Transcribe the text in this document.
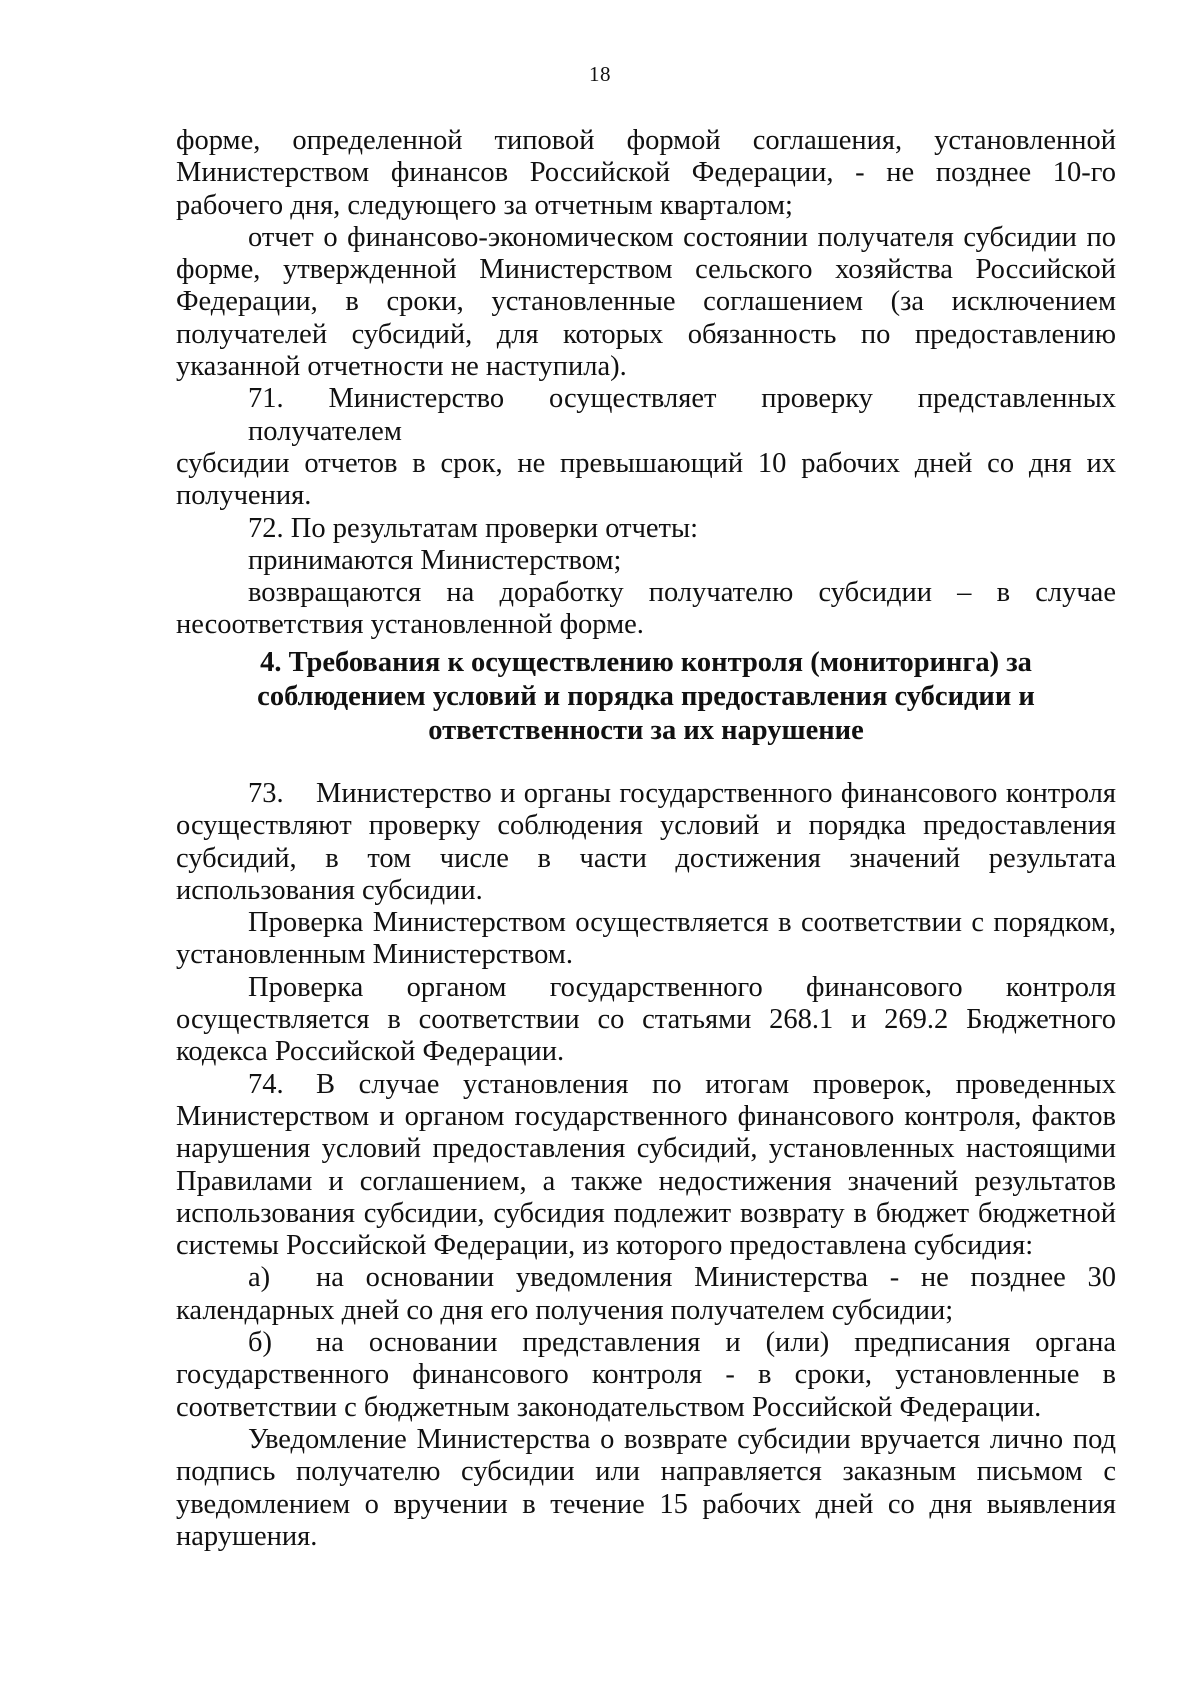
18

форме, определенной типовой формой соглашения, установленной
Министерством финансов Российской Федерации, - не позднее 10-го
рабочего дня, следующего за отчетным кварталом;

отчет о финансово-экономическом состоянии получателя субсидии по
форме, утвержденной Министерством сельского хозяйства Российской
Федерации, в сроки, установленные соглашением (за исключением
получателей субсидий, для которых обязанность по предоставлению
указанной отчетности не наступила).

71. Министерство осуществляет проверку представленных получателем
субсидии отчетов в срок, не превышающий 10 рабочих дней со дня их
получения.

72. По результатам проверки отчеты:

принимаются Министерством;

возвращаются на доработку получателю субсидии – в случае
несоответствия установленной форме.

4. Требования к осуществлению контроля (мониторинга) за
соблюдением условий и порядка предоставления субсидии и
ответственности за их нарушение

73. Министерство и органы государственного финансового контроля
осуществляют проверку соблюдения условий и порядка предоставления
субсидий, в том числе в части достижения значений результата
использования субсидии.

Проверка Министерством осуществляется в соответствии с порядком,
установленным Министерством.

Проверка органом государственного финансового контроля
осуществляется в соответствии со статьями 268.1 и 269.2 Бюджетного
кодекса Российской Федерации.

74. В случае установления по итогам проверок, проведенных
Министерством и органом государственного финансового контроля, фактов
нарушения условий предоставления субсидий, установленных настоящими
Правилами и соглашением, а также недостижения значений результатов
использования субсидии, субсидия подлежит возврату в бюджет бюджетной
системы Российской Федерации, из которого предоставлена субсидия:

а) на основании уведомления Министерства - не позднее 30
календарных дней со дня его получения получателем субсидии;

б) на основании представления и (или) предписания органа
государственного финансового контроля - в сроки, установленные в
соответствии с бюджетным законодательством Российской Федерации.

Уведомление Министерства о возврате субсидии вручается лично под
подпись получателю субсидии или направляется заказным письмом с
уведомлением о вручении в течение 15 рабочих дней со дня выявления
нарушения.
